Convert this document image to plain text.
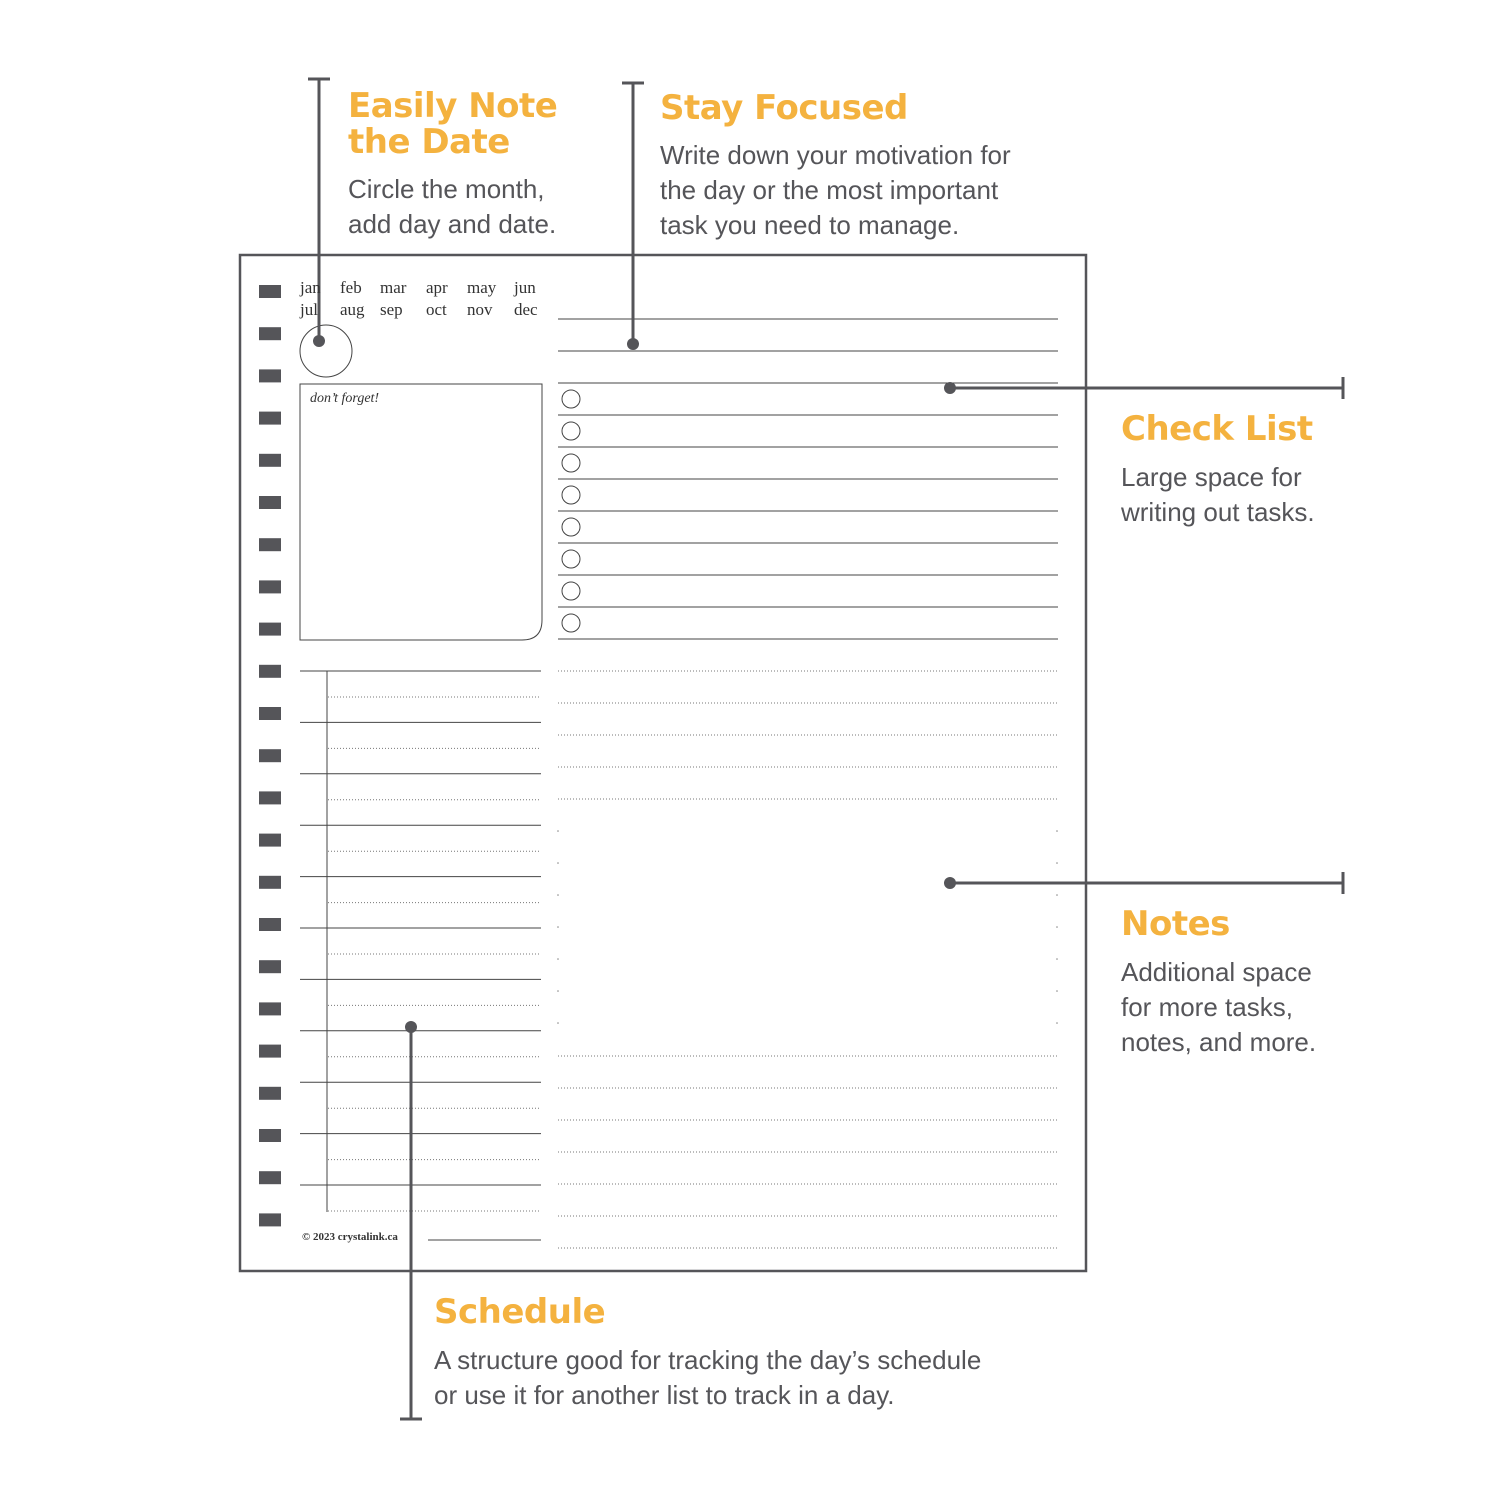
Easily Note
the Date
Circle the month,
add day and date.
Stay Focused
Write down your motivation for
the day or the most important
task you need to manage.
Check List
Large space for
writing out tasks.
Notes
Additional space
for more tasks,
notes, and more.
Schedule
A structure good for tracking the day’s schedule
or use it for another list to track in a day.
jan	feb	mar	apr	may	jun
jul	aug sep	oct	nov	dec
don’t forget!
© 2023 crystalink.ca
